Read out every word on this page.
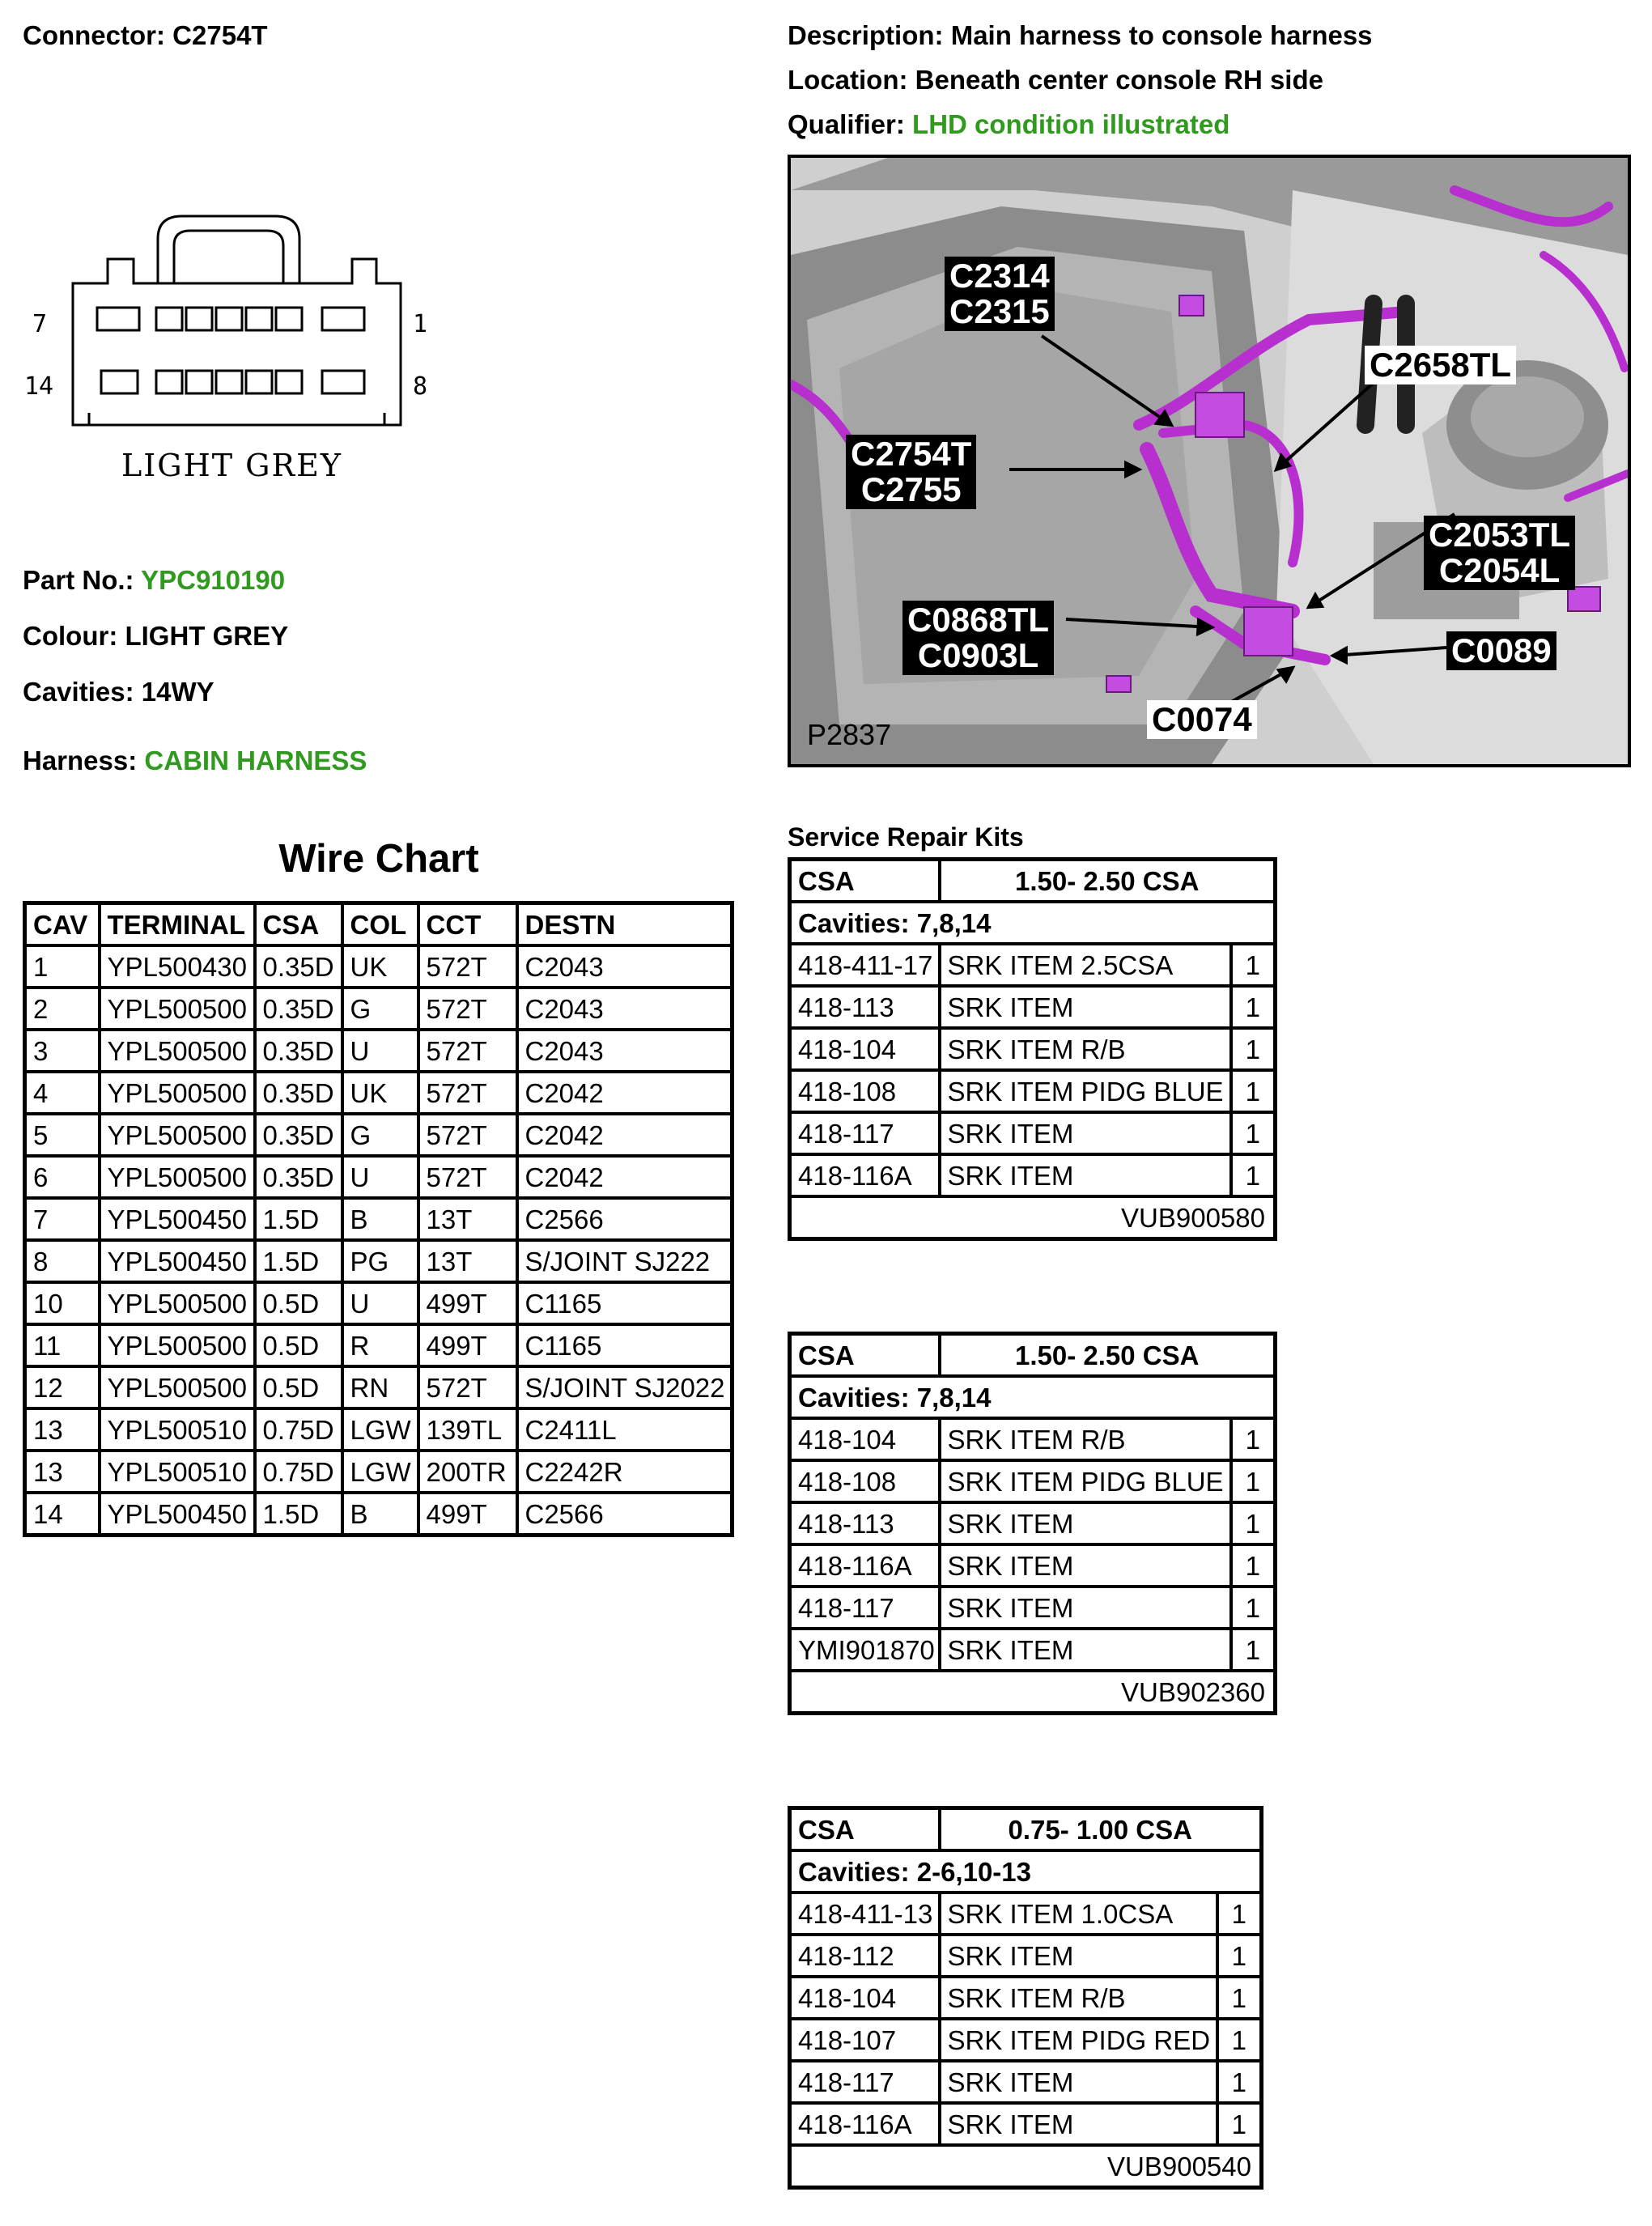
Connector: C2754T	Description: Main harness to console harness
Location: Beneath center console RH side
Qualifier: LHD condition illustrated
7	1
14	8
LIGHT GREY
Part No.: YPC910190
Colour: LIGHT GREY
Cavities: 14WY
Harness: CABIN HARNESS
Wire Chart
CAV	TERMINAL	CSA	COL	CCT	DESTN
1	YPL500430	0.35D	UK	572T	C2043
2	YPL500500	0.35D	G	572T	C2043
3	YPL500500	0.35D	U	572T	C2043
4	YPL500500	0.35D	UK	572T	C2042
5	YPL500500	0.35D	G	572T	C2042
6	YPL500500	0.35D	U	572T	C2042
7	YPL500450	1.5D	B	13T	C2566
8	YPL500450	1.5D	PG	13T	S/JOINT SJ222
10	YPL500500	0.5D	U	499T	C1165
11	YPL500500	0.5D	R	499T	C1165
12	YPL500500	0.5D	RN	572T	S/JOINT SJ2022
13	YPL500510	0.75D	LGW	139TL	C2411L
13	YPL500510	0.75D	LGW	200TR	C2242R
14	YPL500450	1.5D	B	499T	C2566
C2314
C2315
C2658TL
C2754T
C2755
C2053TL
C2054L
C0868TL
C0903L	C0089
C0074
P2837
Service Repair Kits
CSA	1.50- 2.50 CSA	
Cavities: 7,8,14		
418-411-17	SRK ITEM 2.5CSA	1
418-113	SRK ITEM	1
418-104	SRK ITEM R/B	1
418-108	SRK ITEM PIDG BLUE	1
418-117	SRK ITEM	1
418-116A	SRK ITEM	1
VUB900580		
CSA	1.50- 2.50 CSA	
Cavities: 7,8,14		
418-104	SRK ITEM R/B	1
418-108	SRK ITEM PIDG BLUE	1
418-113	SRK ITEM	1
418-116A	SRK ITEM	1
418-117	SRK ITEM	1
YMI901870	SRK ITEM	1
VUB902360		
CSA	0.75- 1.00 CSA	
Cavities: 2-6,10-13		
418-411-13	SRK ITEM 1.0CSA	1
418-112	SRK ITEM	1
418-104	SRK ITEM R/B	1
418-107	SRK ITEM PIDG RED	1
418-117	SRK ITEM	1
418-116A	SRK ITEM	1
VUB900540		
